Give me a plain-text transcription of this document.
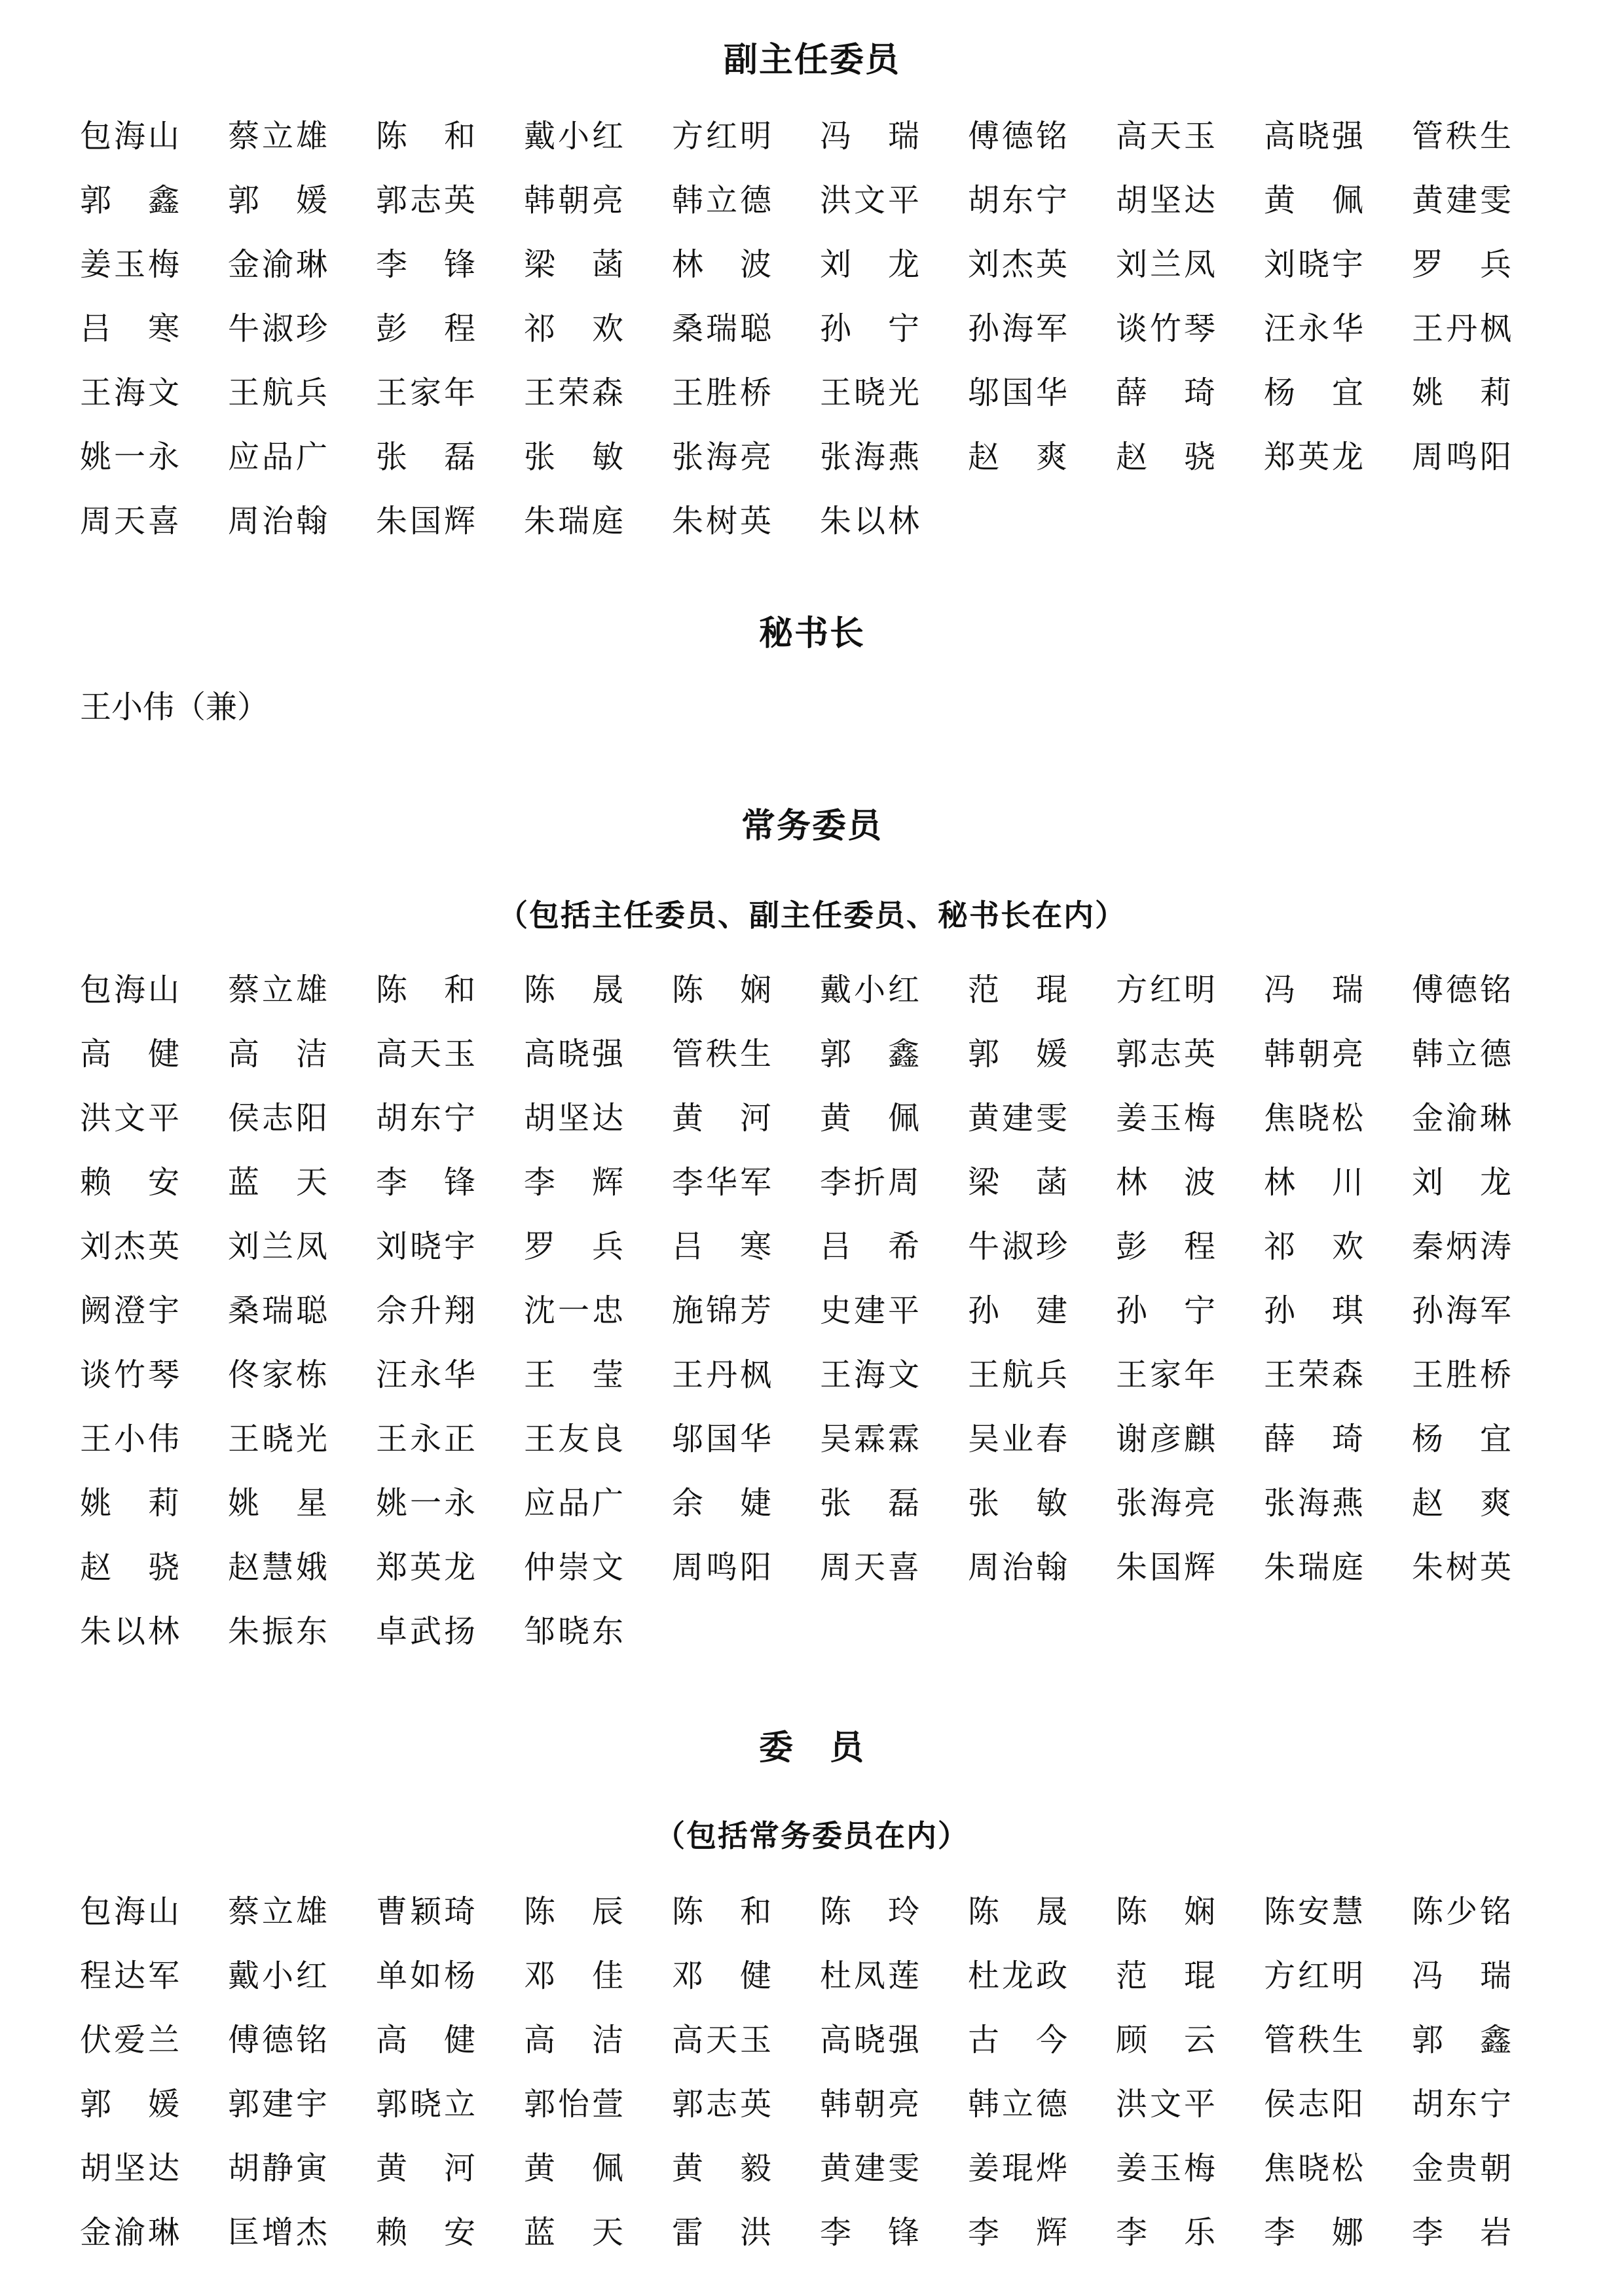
副主任委员
包海山	蔡立雄	陈　和	戴小红	方红明	冯　瑞	傅德铭	高天玉	高晓强	管秩生
郭　鑫	郭　媛	郭志英	韩朝亮	韩立德	洪文平	胡东宁	胡坚达	黄　佩	黄建雯
姜玉梅	金渝琳	李　锋	梁　菡	林　波	刘　龙	刘杰英	刘兰凤	刘晓宇	罗　兵
吕　寒	牛淑珍	彭　程	祁　欢	桑瑞聪	孙　宁	孙海军	谈竹琴	汪永华	王丹枫
王海文	王航兵	王家年	王荣森	王胜桥	王晓光	邬国华	薛　琦	杨　宜	姚　莉
姚一永	应品广	张　磊	张　敏	张海亮	张海燕	赵　爽	赵　骁	郑英龙	周鸣阳
周天喜	周治翰	朱国辉	朱瑞庭	朱树英	朱以林
秘书长
王小伟（兼）
常务委员
（包括主任委员、副主任委员、秘书长在内）
包海山	蔡立雄	陈　和	陈　晟	陈　娴	戴小红	范　琨	方红明	冯　瑞	傅德铭
高　健	高　洁	高天玉	高晓强	管秩生	郭　鑫	郭　媛	郭志英	韩朝亮	韩立德
洪文平	侯志阳	胡东宁	胡坚达	黄　河	黄　佩	黄建雯	姜玉梅	焦晓松	金渝琳
赖　安	蓝　天	李　锋	李　辉	李华军	李折周	梁　菡	林　波	林　川	刘　龙
刘杰英	刘兰凤	刘晓宇	罗　兵	吕　寒	吕　希	牛淑珍	彭　程	祁　欢	秦炳涛
阙澄宇	桑瑞聪	佘升翔	沈一忠	施锦芳	史建平	孙　建	孙　宁	孙　琪	孙海军
谈竹琴	佟家栋	汪永华	王　莹	王丹枫	王海文	王航兵	王家年	王荣森	王胜桥
王小伟	王晓光	王永正	王友良	邬国华	吴霖霖	吴业春	谢彦麒	薛　琦	杨　宜
姚　莉	姚　星	姚一永	应品广	余　婕	张　磊	张　敏	张海亮	张海燕	赵　爽
赵　骁	赵慧娥	郑英龙	仲崇文	周鸣阳	周天喜	周治翰	朱国辉	朱瑞庭	朱树英
朱以林	朱振东	卓武扬	邹晓东
委　员
（包括常务委员在内）
包海山	蔡立雄	曹颖琦	陈　辰	陈　和	陈　玲	陈　晟	陈　娴	陈安慧	陈少铭
程达军	戴小红	单如杨	邓　佳	邓　健	杜凤莲	杜龙政	范　琨	方红明	冯　瑞
伏爱兰	傅德铭	高　健	高　洁	高天玉	高晓强	古　今	顾　云	管秩生	郭　鑫
郭　媛	郭建宇	郭晓立	郭怡萱	郭志英	韩朝亮	韩立德	洪文平	侯志阳	胡东宁
胡坚达	胡静寅	黄　河	黄　佩	黄　毅	黄建雯	姜琨烨	姜玉梅	焦晓松	金贵朝
金渝琳	匡增杰	赖　安	蓝　天	雷　洪	李　锋	李　辉	李　乐	李　娜	李　岩
